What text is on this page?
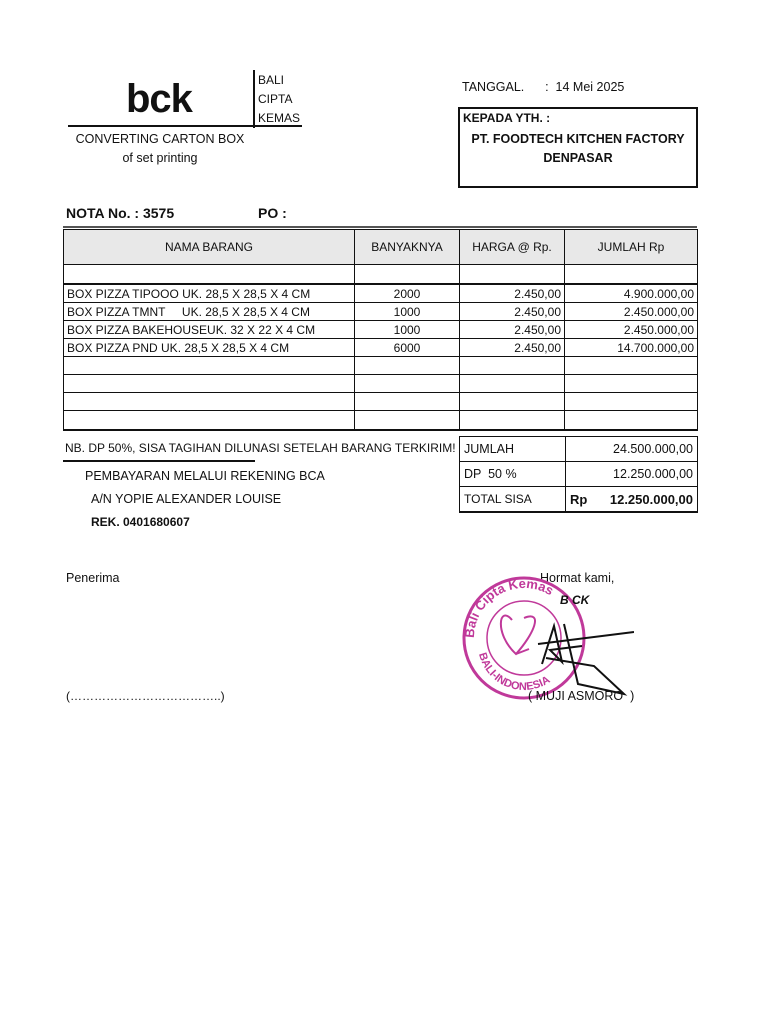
bck	BALI
CIPTA
KEMAS
CONVERTING CARTON BOX
of set printing
TANGGAL. :  14 Mei 2025
KEPADA YTH. :
PT. FOODTECH KITCHEN FACTORY
DENPASAR
NOTA No. : 3575	PO :
NAMA BARANG	BANYAKNYA	HARGA @ Rp.	JUMLAH Rp

BOX PIZZA TIPOOO UK. 28,5 X 28,5 X 4 CM	2000	2.450,00	4.900.000,00
BOX PIZZA TMNT     UK. 28,5 X 28,5 X 4 CM	1000	2.450,00	2.450.000,00
BOX PIZZA BAKEHOUSEUK. 32 X 22 X 4 CM	1000	2.450,00	2.450.000,00
BOX PIZZA PND UK. 28,5 X 28,5 X 4 CM	6000	2.450,00	14.700.000,00

NB. DP 50%, SISA TAGIHAN DILUNASI SETELAH BARANG TERKIRIM!
PEMBAYARAN MELALUI REKENING BCA
A/N YOPIE ALEXANDER LOUISE
REK. 0401680607
JUMLAH	24.500.000,00
DP  50 %	12.250.000,00
TOTAL SISA	Rp 12.250.000,00
Penerima
(………………………………..)
Hormat kami,
Bali Cipta Kemas
BALI-INDONESIA
B CK
( MUJI ASMORO  )
